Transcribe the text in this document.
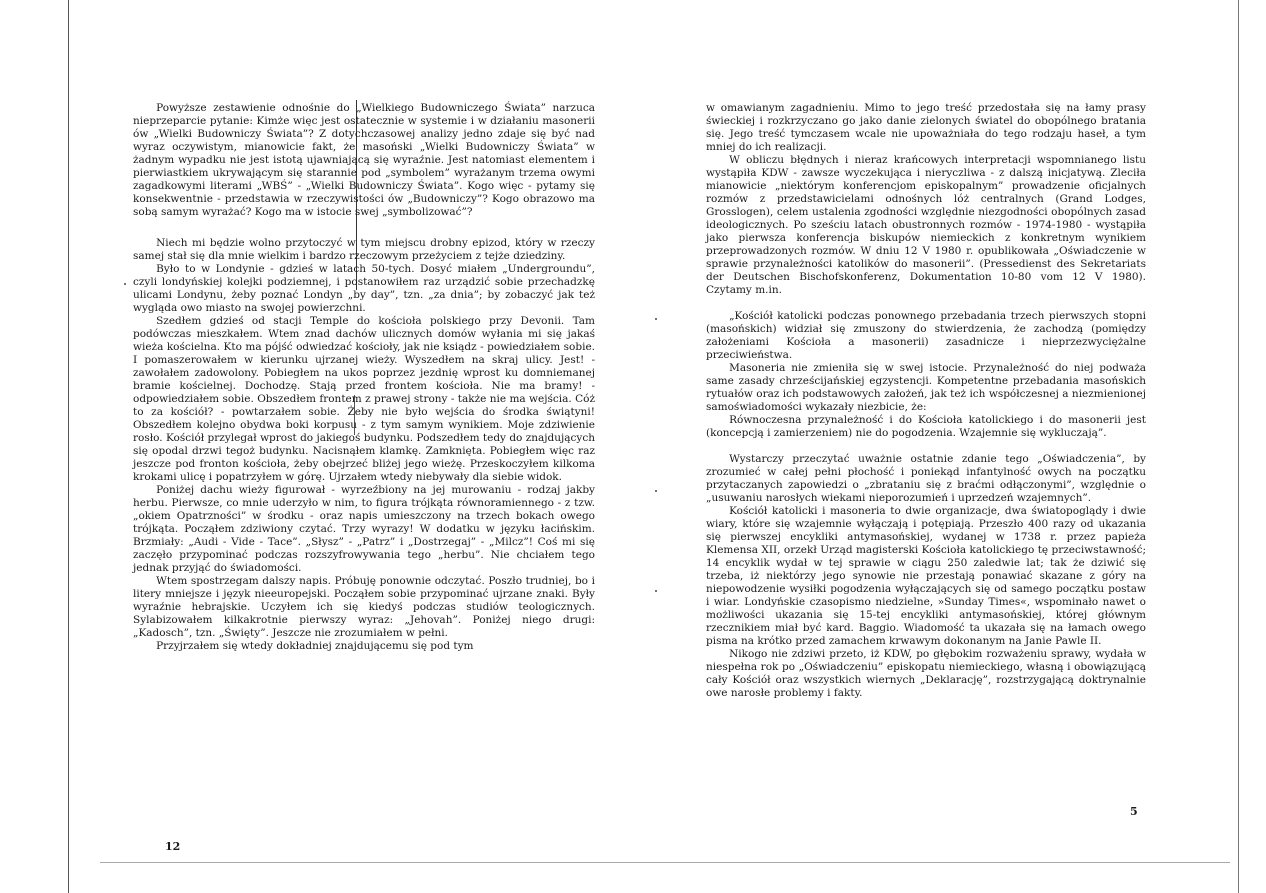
Powyższe zestawienie odnośnie do „Wielkiego Budowniczego Świata” narzuca nieprzeparcie pytanie: Kimże więc jest ostatecznie w systemie i w działaniu masonerii ów „Wielki Budowniczy Świata”? Z dotychczasowej analizy jedno zdaje się być nad wyraz oczywistym, mianowicie fakt, że masoński „Wielki Budowniczy Świata” w żadnym wypadku nie jest istotą ujawniającą się wyraźnie. Jest natomiast elementem i pierwiastkiem ukrywającym się starannie pod „symbolem” wyrażanym trzema owymi zagadkowymi literami „WBŚ” - „Wielki Budowniczy Świata”. Kogo więc - pytamy się konsekwentnie - przedstawia w rzeczywistości ów „Budowniczy”? Kogo obrazowo ma sobą samym wyrażać? Kogo ma w istocie swej „symbolizować”?

Niech mi będzie wolno przytoczyć w tym miejscu drobny epizod, który w rzeczy samej stał się dla mnie wielkim i bardzo rzeczowym przeżyciem z tejże dziedziny.

Było to w Londynie - gdzieś w latach 50-tych. Dosyć miałem „Undergroundu”, czyli londyńskiej kolejki podziemnej, i postanowiłem raz urządzić sobie przechadzkę ulicami Londynu, żeby poznać Londyn „by day”, tzn. „za dnia”; by zobaczyć jak też wygląda owo miasto na swojej powierzchni.

Szedłem gdzieś od stacji Temple do kościoła polskiego przy Devonii. Tam podówczas mieszkałem. Wtem znad dachów ulicznych domów wyłania mi się jakaś wieża kościelna. Kto ma pójść odwiedzać kościoły, jak nie ksiądz - powiedziałem sobie. I pomaszerowałem w kierunku ujrzanej wieży. Wyszedłem na skraj ulicy. Jest! - zawołałem zadowolony. Pobiegłem na ukos poprzez jezdnię wprost ku domniemanej bramie kościelnej. Dochodzę. Stają przed frontem kościoła. Nie ma bramy! - odpowiedziałem sobie. Obszedłem frontem z prawej strony - także nie ma wejścia. Cóż to za kościół? - powtarzałem sobie. Żeby nie było wejścia do środka świątyni! Obszedłem kolejno obydwa boki korpusu - z tym samym wynikiem. Moje zdziwienie rosło. Kościół przylegał wprost do jakiegoś budynku. Podszedłem tedy do znajdujących się opodal drzwi tegoż budynku. Nacisnąłem klamkę. Zamknięta. Pobiegłem więc raz jeszcze pod fronton kościoła, żeby obejrzeć bliżej jego wieżę. Przeskoczyłem kilkoma krokami ulicę i popatrzyłem w górę. Ujrzałem wtedy niebywały dla siebie widok.

Poniżej dachu wieży figurował - wyrzeźbiony na jej murowaniu - rodzaj jakby herbu. Pierwsze, co mnie uderzyło w nim, to figura trójkąta równoramiennego - z tzw. „okiem Opatrzności” w środku - oraz napis umieszczony na trzech bokach owego trójkąta. Począłem zdziwiony czytać. Trzy wyrazy! W dodatku w języku łacińskim. Brzmiały: „Audi - Vide - Tace”. „Słysz” - „Patrz” i „Dostrzegaj” - „Milcz”! Coś mi się zaczęło przypominać podczas rozszyfrowywania tego „herbu”. Nie chciałem tego jednak przyjąć do świadomości.

Wtem spostrzegam dalszy napis. Próbuję ponownie odczytać. Poszło trudniej, bo i litery mniejsze i język nieeuropejski. Począłem sobie przypominać ujrzane znaki. Były wyraźnie hebrajskie. Uczyłem ich się kiedyś podczas studiów teologicznych. Sylabizowałem kilkakrotnie pierwszy wyraz: „Jehovah”. Poniżej niego drugi: „Kadosch”, tzn. „Święty”. Jeszcze nie zrozumiałem w pełni.

Przyjrzałem się wtedy dokładniej znajdującemu się pod tym

12

w omawianym zagadnieniu. Mimo to jego treść przedostała się na łamy prasy świeckiej i rozkrzyczano go jako danie zielonych światel do obopólnego bratania się. Jego treść tymczasem wcale nie upoważniała do tego rodzaju haseł, a tym mniej do ich realizacji.

W obliczu błędnych i nieraz krańcowych interpretacji wspomnianego listu wystąpiła KDW - zawsze wyczekująca i nieryczliwa - z dalszą inicjatywą. Zleciła mianowicie „niektórym konferencjom episkopalnym” prowadzenie oficjalnych rozmów z przedstawicielami odnośnych lóż centralnych (Grand Lodges, Grosslogen), celem ustalenia zgodności względnie niezgodności obopólnych zasad ideologicznych. Po sześciu latach obustronnych rozmów - 1974-1980 - wystąpiła jako pierwsza konferencja biskupów niemieckich z konkretnym wynikiem przeprowadzonych rozmów. W dniu 12 V 1980 r. opublikowała „Oświadczenie w sprawie przynależności katolików do masonerii”. (Pressedienst des Sekretariats der Deutschen Bischofskonferenz, Dokumentation 10-80 vom 12 V 1980). Czytamy m.in.

„Kościół katolicki podczas ponownego przebadania trzech pierwszych stopni (masońskich) widział się zmuszony do stwierdzenia, że zachodzą (pomiędzy założeniami Kościoła a masonerii) zasadnicze i nieprzezwyciężalne przeciwieństwa.

Masoneria nie zmieniła się w swej istocie. Przynależność do niej podważa same zasady chrześcijańskiej egzystencji. Kompetentne przebadania masońskich rytuałów oraz ich podstawowych założeń, jak też ich współczesnej a niezmienionej samoświadomości wykazały niezbicie, że:

Równoczesna przynależność i do Kościoła katolickiego i do masonerii jest (koncepcją i zamierzeniem) nie do pogodzenia. Wzajemnie się wykluczają”.

Wystarczy przeczytać uważnie ostatnie zdanie tego „Oświadczenia”, by zrozumieć w całej pełni płochość i poniekąd infantylność owych na początku przytaczanych zapowiedzi o „zbrataniu się z braćmi odłączonymi”, względnie o „usuwaniu narosłych wiekami nieporozumień i uprzedzeń wzajemnych”.

Kościół katolicki i masoneria to dwie organizacje, dwa światopoglądy i dwie wiary, które się wzajemnie wyłączają i potępiają. Przeszło 400 razy od ukazania się pierwszej encykliki antymasońskiej, wydanej w 1738 r. przez papieża Klemensa XII, orzekł Urząd magisterski Kościoła katolickiego tę przeciwstawność; 14 encyklik wydał w tej sprawie w ciągu 250 zaledwie lat; tak że dziwić się trzeba, iż niektórzy jego synowie nie przestają ponawiać skazane z góry na niepowodzenie wysiłki pogodzenia wyłączających się od samego początku postaw i wiar. Londyńskie czasopismo niedzielne, »Sunday Times«, wspominało nawet o możliwości ukazania się 15-tej encykliki antymasońskiej, której głównym rzecznikiem miał być kard. Baggio. Wiadomość ta ukazała się na łamach owego pisma na krótko przed zamachem krwawym dokonanym na Janie Pawle II.

Nikogo nie zdziwi przeto, iż KDW, po głębokim rozważeniu sprawy, wydała w niespełna rok po „Oświadczeniu” episkopatu niemieckiego, własną i obowiązującą cały Kościół oraz wszystkich wiernych „Deklarację”, rozstrzygającą doktrynalnie owe narosłe problemy i fakty.

5
